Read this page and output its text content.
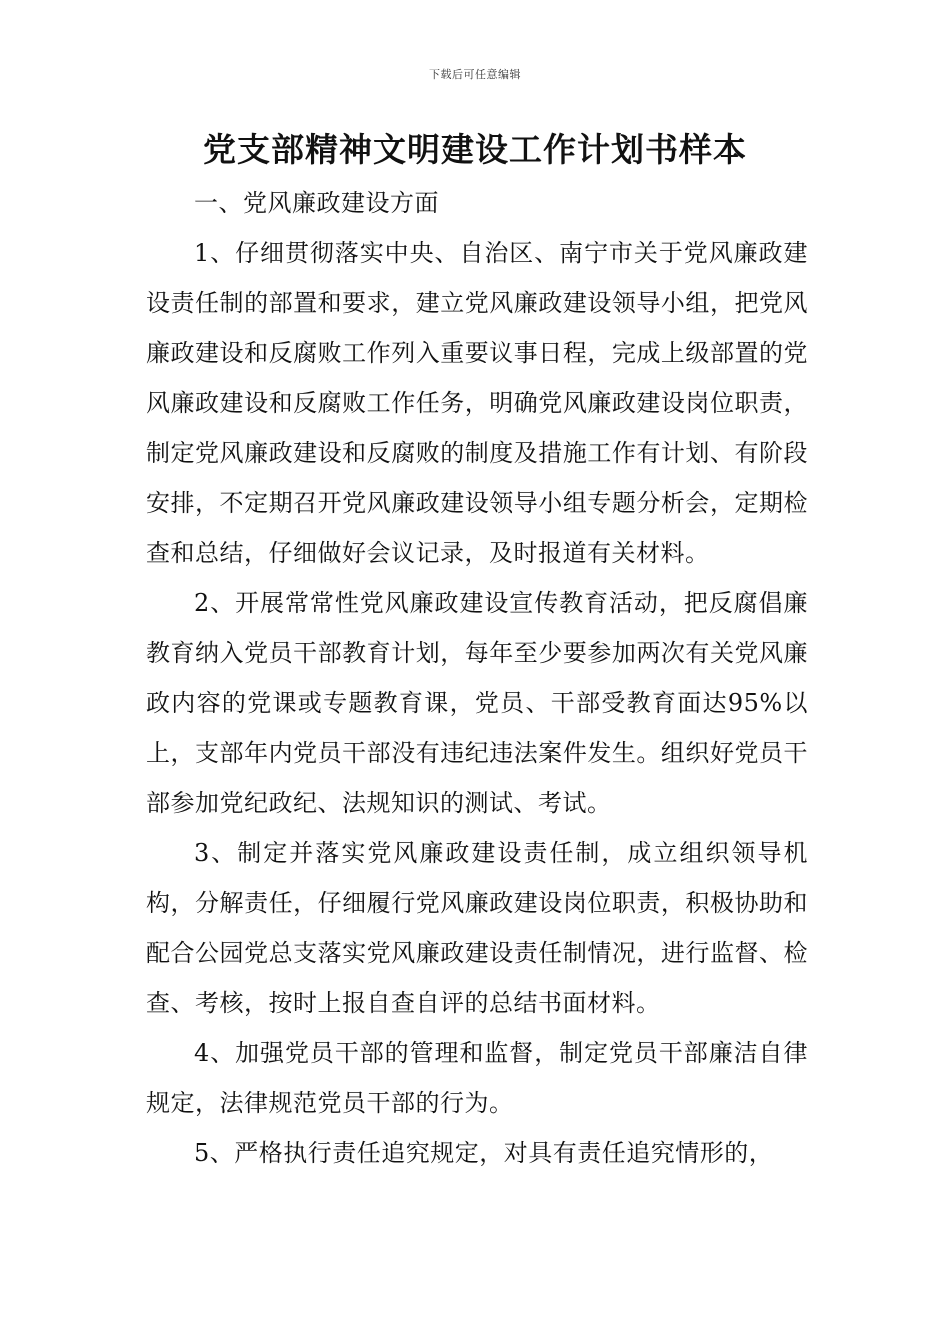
下载后可任意编辑
党支部精神文明建设工作计划书样本

一、党风廉政建设方面

1、仔细贯彻落实中央、自治区、南宁市关于党风廉政建设责任制的部置和要求，建立党风廉政建设领导小组，把党风廉政建设和反腐败工作列入重要议事日程，完成上级部置的党风廉政建设和反腐败工作任务，明确党风廉政建设岗位职责，制定党风廉政建设和反腐败的制度及措施工作有计划、有阶段安排，不定期召开党风廉政建设领导小组专题分析会，定期检查和总结，仔细做好会议记录，及时报道有关材料。

2、开展常常性党风廉政建设宣传教育活动，把反腐倡廉教育纳入党员干部教育计划，每年至少要参加两次有关党风廉政内容的党课或专题教育课，党员、干部受教育面达95%以上，支部年内党员干部没有违纪违法案件发生。组织好党员干部参加党纪政纪、法规知识的测试、考试。

3、制定并落实党风廉政建设责任制，成立组织领导机构，分解责任，仔细履行党风廉政建设岗位职责，积极协助和配合公园党总支落实党风廉政建设责任制情况，进行监督、检查、考核，按时上报自查自评的总结书面材料。

4、加强党员干部的管理和监督，制定党员干部廉洁自律规定，法律规范党员干部的行为。

5、严格执行责任追究规定，对具有责任追究情形的，
